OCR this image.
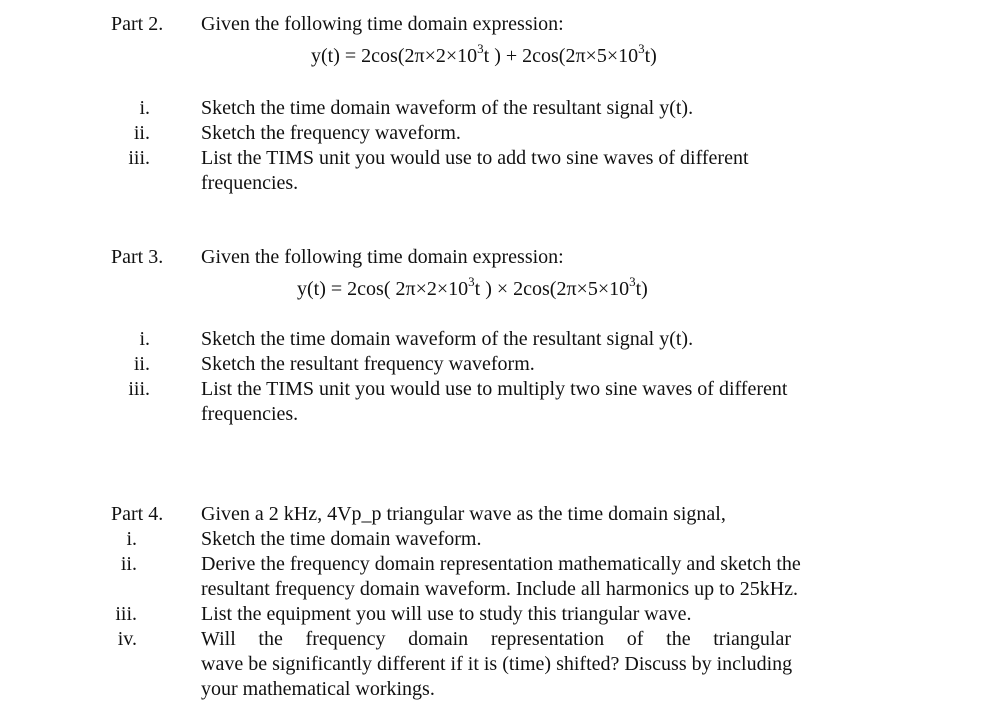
Part 2. Given the following time domain expression:
$y(t) = 2\cos(2\pi\times 2\times 10^3t$ ) + $2\cos(2\pi\times 5\times 10^3t)$
i.	Sketch the time domain waveform of the resultant signal y(t).
ii.	Sketch the frequency waveform.
iii.	List the TIMS unit you would use to add two sine waves of different
frequencies.
Part 3. Given the following time domain expression:
y(t) = 2cos( $2\pi\times 2\times 10^3t$ ) × $2\cos(2\pi\times 5\times 10^3t)$
i.	Sketch the time domain waveform of the resultant signal y(t).
ii.	Sketch the resultant frequency waveform.
iii.	List the TIMS unit you would use to multiply two sine waves of different
frequencies.
Part 4. Given a 2 kHz, 4Vp_p triangular wave as the time domain signal,
i.	Sketch the time domain waveform.
ii.	Derive the frequency domain representation mathematically and sketch the
resultant frequency domain waveform. Include all harmonics up to 25kHz.
iii.	List the equipment you will use to study this triangular wave.
iv.	Will the frequency domain representation of the triangular
wave be significantly different if it is (time) shifted? Discuss by including
your mathematical workings.
